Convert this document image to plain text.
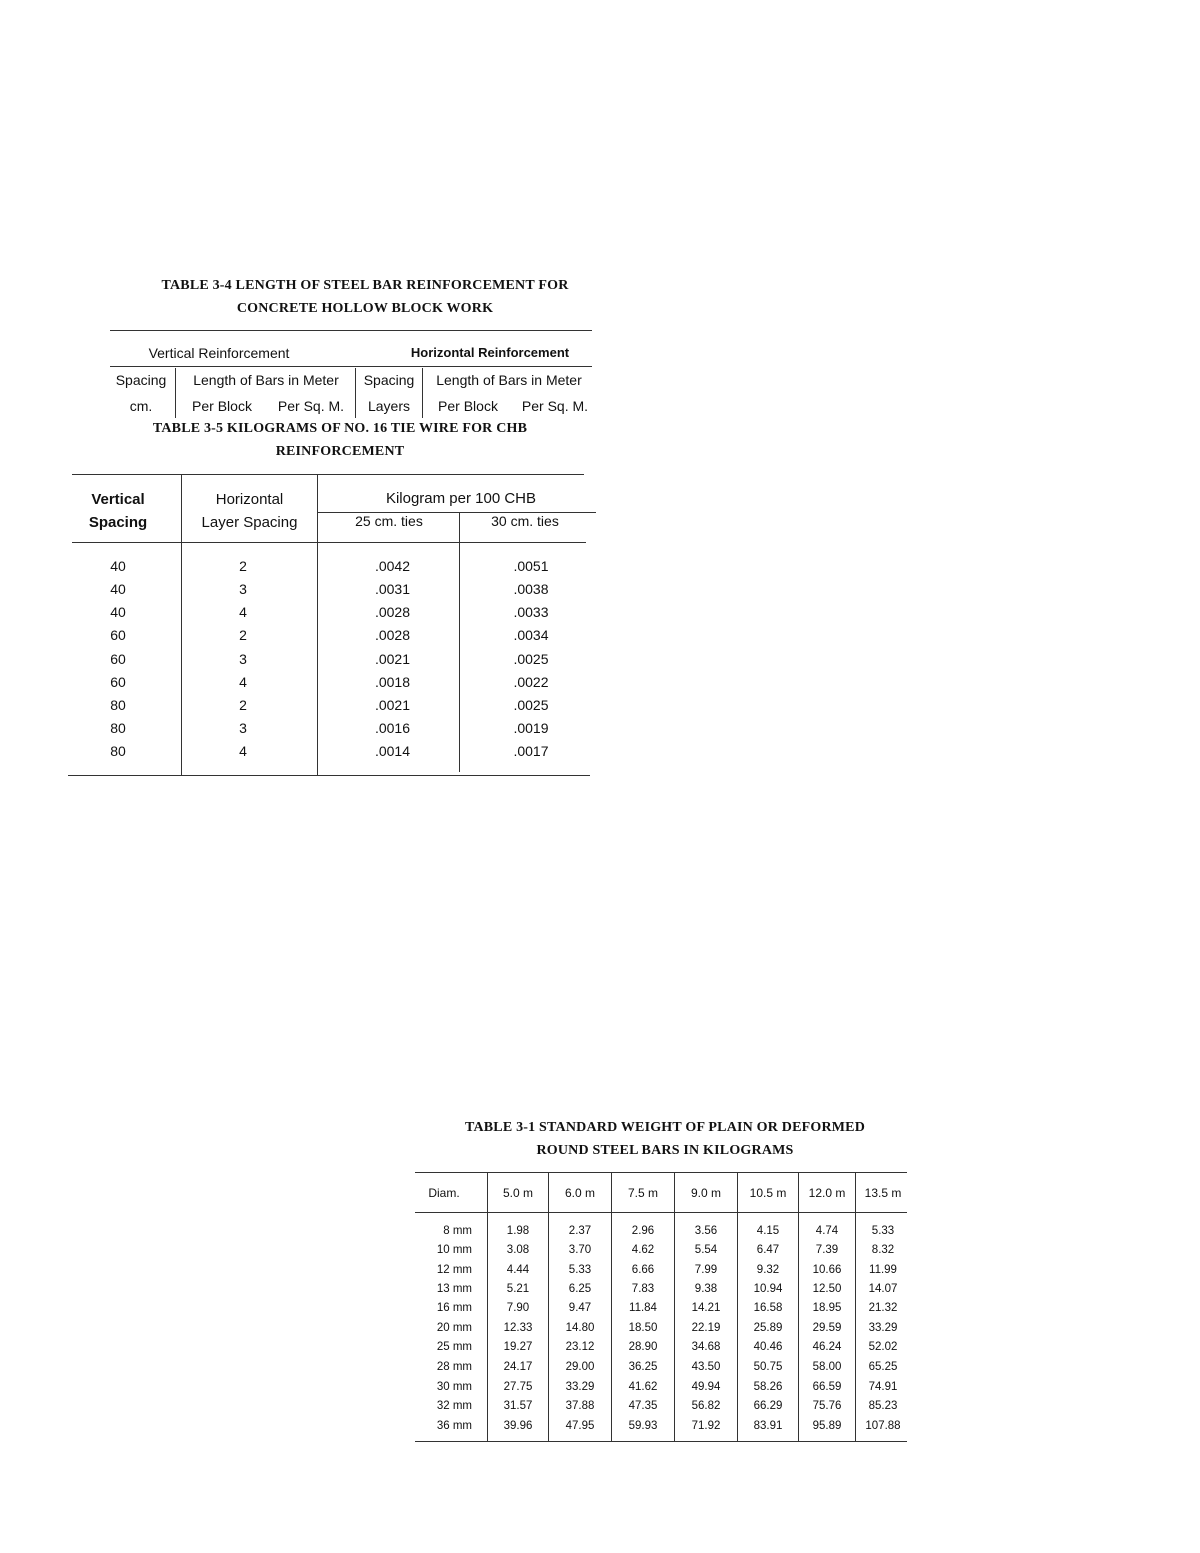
TABLE 3-4 LENGTH OF STEEL BAR REINFORCEMENT FOR
CONCRETE HOLLOW BLOCK WORK
Vertical Reinforcement	Horizontal Reinforcement
Spacing	Length of Bars in Meter	Spacing	Length of Bars in Meter
cm.	Per Block	Per Sq. M.	Layers	Per Block	Per Sq. M.
TABLE 3-5 KILOGRAMS OF NO. 16 TIE WIRE FOR CHB
REINFORCEMENT
Vertical
Spacing
Horizontal
Layer Spacing
Kilogram per 100 CHB
25 cm. ties	30 cm. ties
40	2	.0042	.0051
40	3	.0031	.0038
40	4	.0028	.0033
60	2	.0028	.0034
60	3	.0021	.0025
60	4	.0018	.0022
80	2	.0021	.0025
80	3	.0016	.0019
80	4	.0014	.0017
TABLE 3-1 STANDARD WEIGHT OF PLAIN OR DEFORMED
ROUND STEEL BARS IN KILOGRAMS
Diam.	5.0 m	6.0 m	7.5 m	9.0 m	10.5 m	12.0 m	13.5 m
8 mm	1.98	2.37	2.96	3.56	4.15	4.74	5.33
10 mm	3.08	3.70	4.62	5.54	6.47	7.39	8.32
12 mm	4.44	5.33	6.66	7.99	9.32	10.66	11.99
13 mm	5.21	6.25	7.83	9.38	10.94	12.50	14.07
16 mm	7.90	9.47	11.84	14.21	16.58	18.95	21.32
20 mm	12.33	14.80	18.50	22.19	25.89	29.59	33.29
25 mm	19.27	23.12	28.90	34.68	40.46	46.24	52.02
28 mm	24.17	29.00	36.25	43.50	50.75	58.00	65.25
30 mm	27.75	33.29	41.62	49.94	58.26	66.59	74.91
32 mm	31.57	37.88	47.35	56.82	66.29	75.76	85.23
36 mm	39.96	47.95	59.93	71.92	83.91	95.89	107.88
